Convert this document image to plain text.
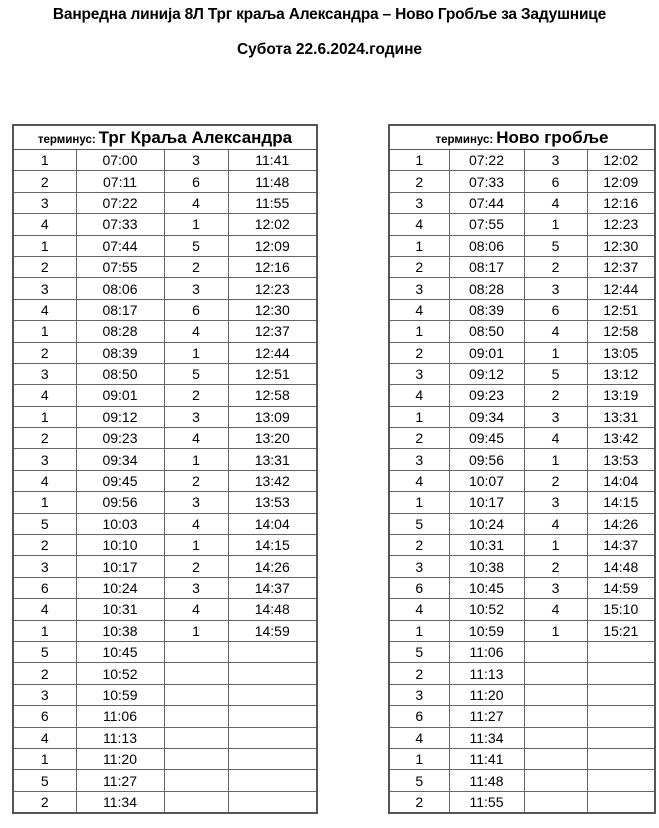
Ванредна линија 8Л Трг краља Александра – Ново Гробље за Задушнице
Субота 22.6.2024.године
терминус: Трг Краља Александра			
1	07:00	3	11:41
2	07:11	6	11:48
3	07:22	4	11:55
4	07:33	1	12:02
1	07:44	5	12:09
2	07:55	2	12:16
3	08:06	3	12:23
4	08:17	6	12:30
1	08:28	4	12:37
2	08:39	1	12:44
3	08:50	5	12:51
4	09:01	2	12:58
1	09:12	3	13:09
2	09:23	4	13:20
3	09:34	1	13:31
4	09:45	2	13:42
1	09:56	3	13:53
5	10:03	4	14:04
2	10:10	1	14:15
3	10:17	2	14:26
6	10:24	3	14:37
4	10:31	4	14:48
1	10:38	1	14:59
5	10:45		
2	10:52		
3	10:59		
6	11:06		
4	11:13		
1	11:20		
5	11:27		
2	11:34		
терминус: Ново гробље			
1	07:22	3	12:02
2	07:33	6	12:09
3	07:44	4	12:16
4	07:55	1	12:23
1	08:06	5	12:30
2	08:17	2	12:37
3	08:28	3	12:44
4	08:39	6	12:51
1	08:50	4	12:58
2	09:01	1	13:05
3	09:12	5	13:12
4	09:23	2	13:19
1	09:34	3	13:31
2	09:45	4	13:42
3	09:56	1	13:53
4	10:07	2	14:04
1	10:17	3	14:15
5	10:24	4	14:26
2	10:31	1	14:37
3	10:38	2	14:48
6	10:45	3	14:59
4	10:52	4	15:10
1	10:59	1	15:21
5	11:06		
2	11:13		
3	11:20		
6	11:27		
4	11:34		
1	11:41		
5	11:48		
2	11:55		
